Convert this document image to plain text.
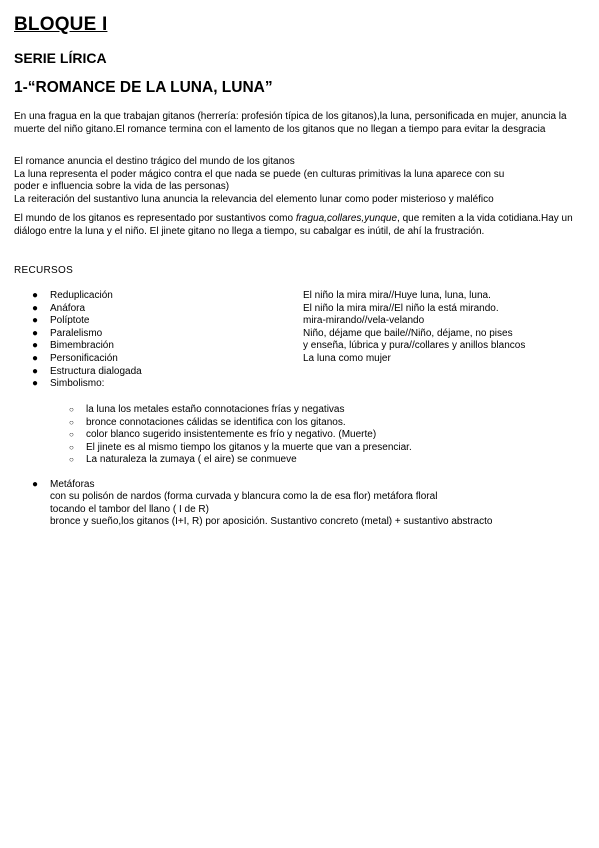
BLOQUE I
SERIE LÍRICA
1-“ROMANCE DE LA LUNA, LUNA”
En una fragua en la que trabajan gitanos (herrería: profesión típica de los gitanos),la luna, personificada en mujer, anuncia la muerte del niño gitano.El romance termina con el lamento de los gitanos que no llegan a tiempo para evitar la desgracia
El romance anuncia el destino trágico del mundo de los gitanos
La luna representa el poder mágico contra el que nada se puede (en culturas primitivas la luna aparece con su
poder e influencia sobre la vida de las personas)
La reiteración del sustantivo luna anuncia la relevancia del elemento lunar como poder misterioso y maléfico
El mundo de los gitanos es representado por sustantivos como fragua,collares,yunque, que remiten a la vida cotidiana.Hay un diálogo entre la luna y el niño. El jinete gitano no llega a tiempo, su cabalgar es inútil, de ahí la frustración.
RECURSOS
● Reduplicación	El niño la mira mira//Huye luna, luna, luna.
● Anáfora	El niño la mira mira//El niño la está mirando.
● Políptote	mira-mirando//vela-velando
● Paralelismo	Niño, déjame que baile//Niño, déjame, no pises
● Bimembración	y enseña, lúbrica y pura//collares y anillos blancos
● Personificación	La luna como mujer
● Estructura dialogada
● Simbolismo:
○ la luna los metales estaño connotaciones frías y negativas
○ bronce connotaciones cálidas se identifica con los gitanos.
○ color blanco sugerido insistentemente es frío y negativo. (Muerte)
○ El jinete es al mismo tiempo los gitanos y la muerte que van a presenciar.
○ La naturaleza la zumaya ( el aire) se conmueve
● Metáforas
con su polisón de nardos (forma curvada y blancura como la de esa flor) metáfora floral
tocando el tambor del llano ( I de R)
bronce y sueño,los gitanos (I+I, R) por aposición. Sustantivo concreto (metal) + sustantivo abstracto
